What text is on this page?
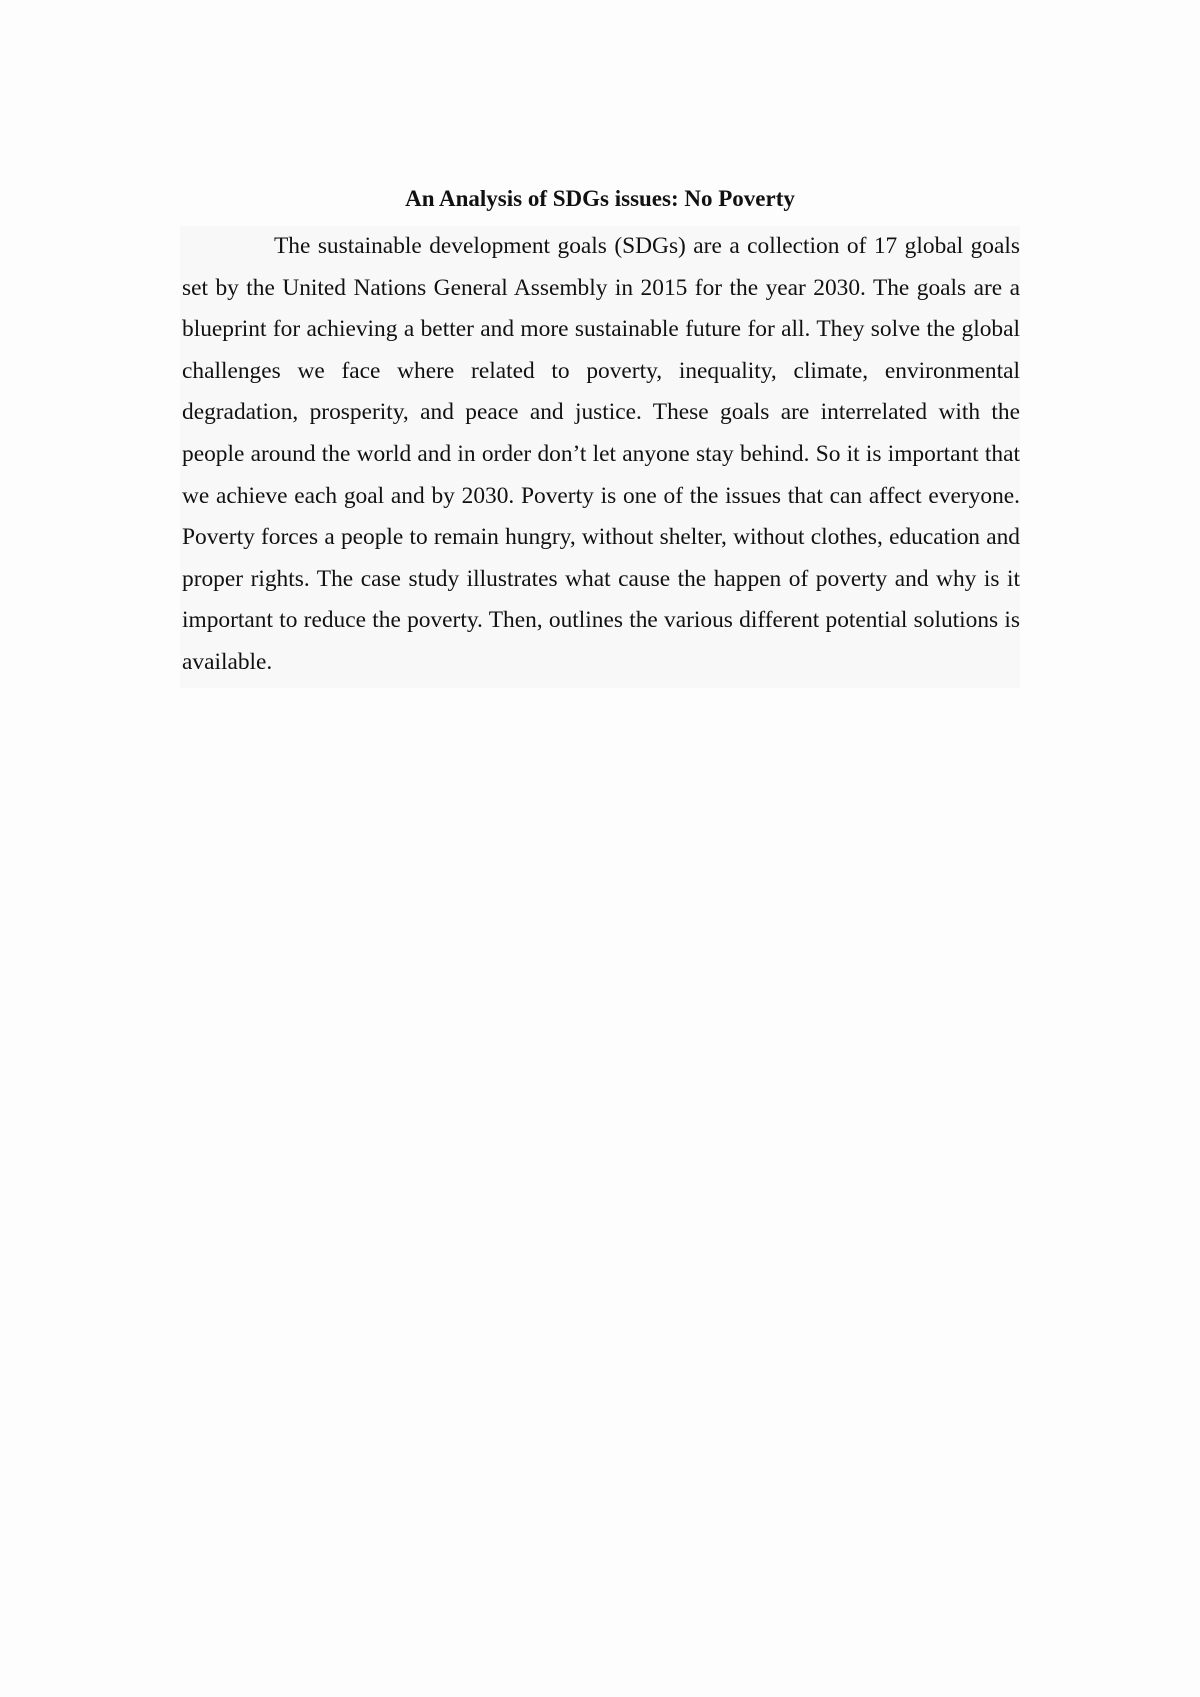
An Analysis of SDGs issues: No Poverty

The sustainable development goals (SDGs) are a collection of 17 global goals set by the United Nations General Assembly in 2015 for the year 2030. The goals are a blueprint for achieving a better and more sustainable future for all. They solve the global challenges we face where related to poverty, inequality, climate, environmental degradation, prosperity, and peace and justice. These goals are interrelated with the people around the world and in order don’t let anyone stay behind. So it is important that we achieve each goal and by 2030. Poverty is one of the issues that can affect everyone. Poverty forces a people to remain hungry, without shelter, without clothes, education and proper rights. The case study illustrates what cause the happen of poverty and why is it important to reduce the poverty. Then, outlines the various different potential solutions is available.
